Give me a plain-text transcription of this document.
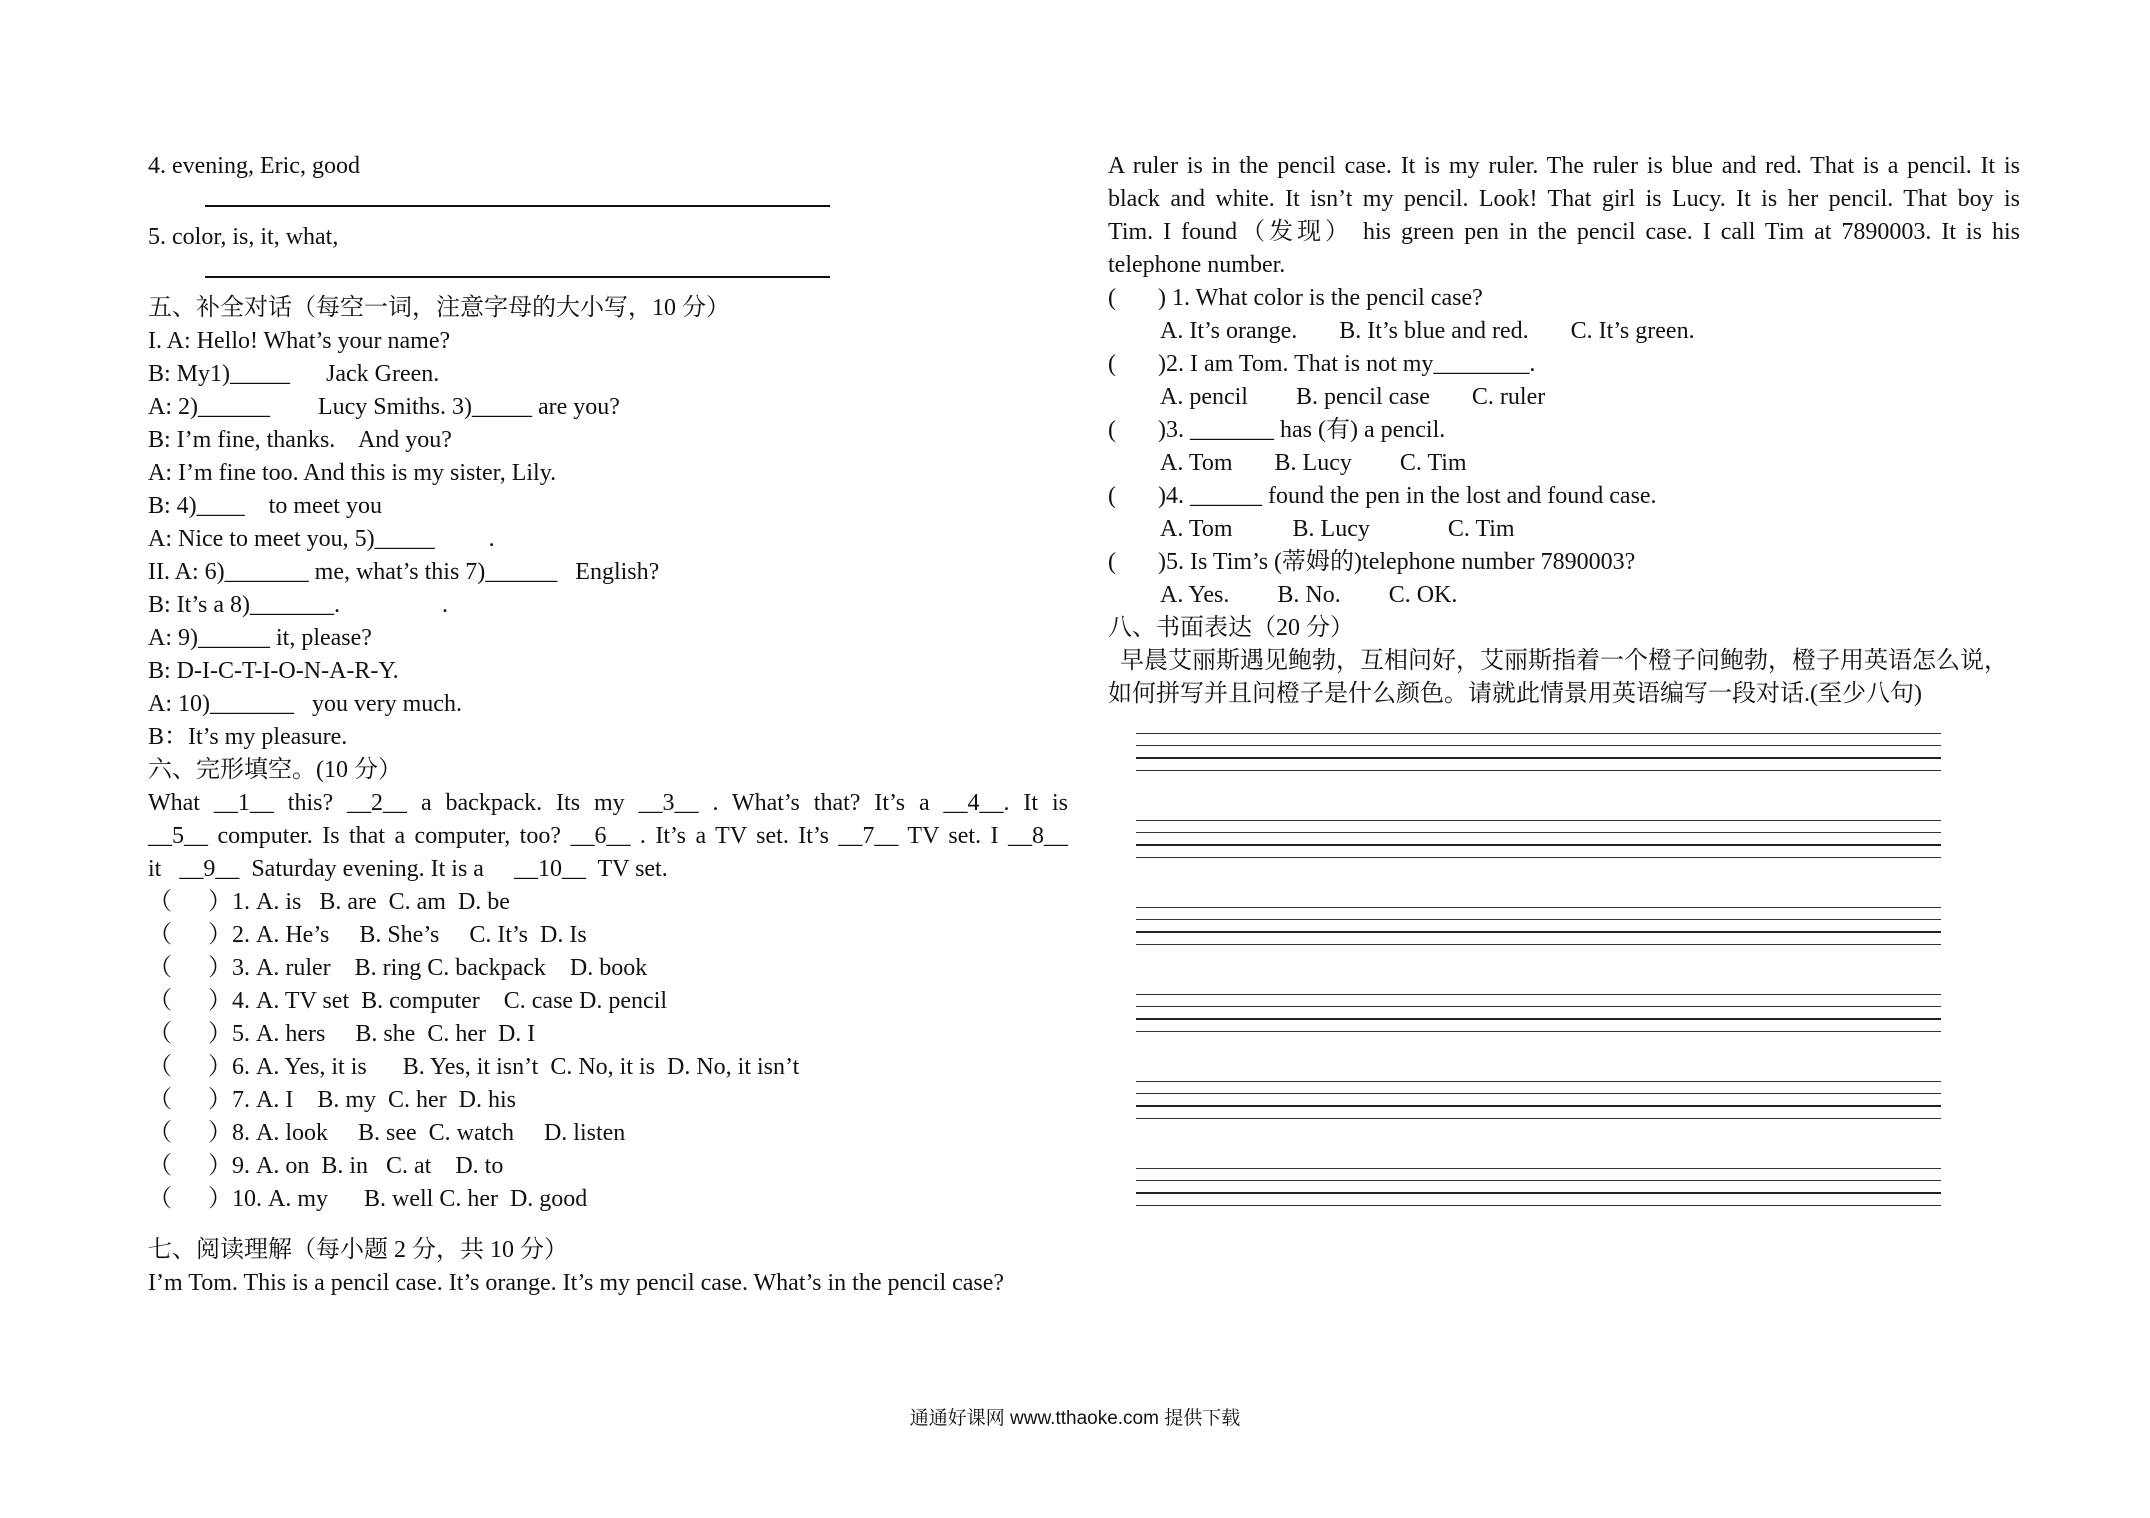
4. evening, Eric, good
5. color, is, it, what,
五、补全对话（每空一词，注意字母的大小写，10 分）
I. A: Hello! What’s your name?
B: My1)_____      Jack Green.
A: 2)______        Lucy Smiths. 3)_____ are you?
B: I’m fine, thanks.    And you?
A: I’m fine too. And this is my sister, Lily.
B: 4)____    to meet you
A: Nice to meet you, 5)_____         .
II. A: 6)_______ me, what’s this 7)______   English?
B: It’s a 8)_______.                 .
A: 9)______ it, please?
B: D-I-C-T-I-O-N-A-R-Y.
A: 10)_______   you very much.
B：It’s my pleasure.
六、完形填空。(10 分）
What __1__ this? __2__ a backpack. Its my __3__ . What’s that? It’s a __4__. It is
__5__ computer. Is that a computer, too? __6__ . It’s a TV set. It’s __7__ TV set. I __8__
it   __9__  Saturday evening. It is a     __10__  TV set.
（      ）1. A. is   B. are  C. am  D. be
（      ）2. A. He’s     B. She’s     C. It’s  D. Is
（      ）3. A. ruler    B. ring C. backpack    D. book
（      ）4. A. TV set  B. computer    C. case D. pencil
（      ）5. A. hers     B. she  C. her  D. I
（      ）6. A. Yes, it is      B. Yes, it isn’t  C. No, it is  D. No, it isn’t
（      ）7. A. I    B. my  C. her  D. his
（      ）8. A. look     B. see  C. watch     D. listen
（      ）9. A. on  B. in   C. at    D. to
（      ）10. A. my      B. well C. her  D. good
七、阅读理解（每小题 2 分，共 10 分）
I’m Tom. This is a pencil case. It’s orange. It’s my pencil case. What’s in the pencil case?
A ruler is in the pencil case. It is my ruler. The ruler is blue and red. That is a pencil. It is
black and white. It isn’t my pencil. Look! That girl is Lucy. It is her pencil. That boy is
Tim. I found（发现） his green pen in the pencil case. I call Tim at 7890003. It is his
telephone number.
(       ) 1. What color is the pencil case?
A. It’s orange.       B. It’s blue and red.       C. It’s green.
(       )2. I am Tom. That is not my________.
A. pencil        B. pencil case       C. ruler
(       )3. _______ has (有) a pencil.
A. Tom       B. Lucy        C. Tim
(       )4. ______ found the pen in the lost and found case.
A. Tom          B. Lucy             C. Tim
(       )5. Is Tim’s (蒂姆的)telephone number 7890003?
A. Yes.        B. No.        C. OK.
八、书面表达（20 分）
早晨艾丽斯遇见鲍勃，互相问好，艾丽斯指着一个橙子问鲍勃，橙子用英语怎么说，
如何拼写并且问橙子是什么颜色。请就此情景用英语编写一段对话.(至少八句)
通通好课网 www.tthaoke.com 提供下载
